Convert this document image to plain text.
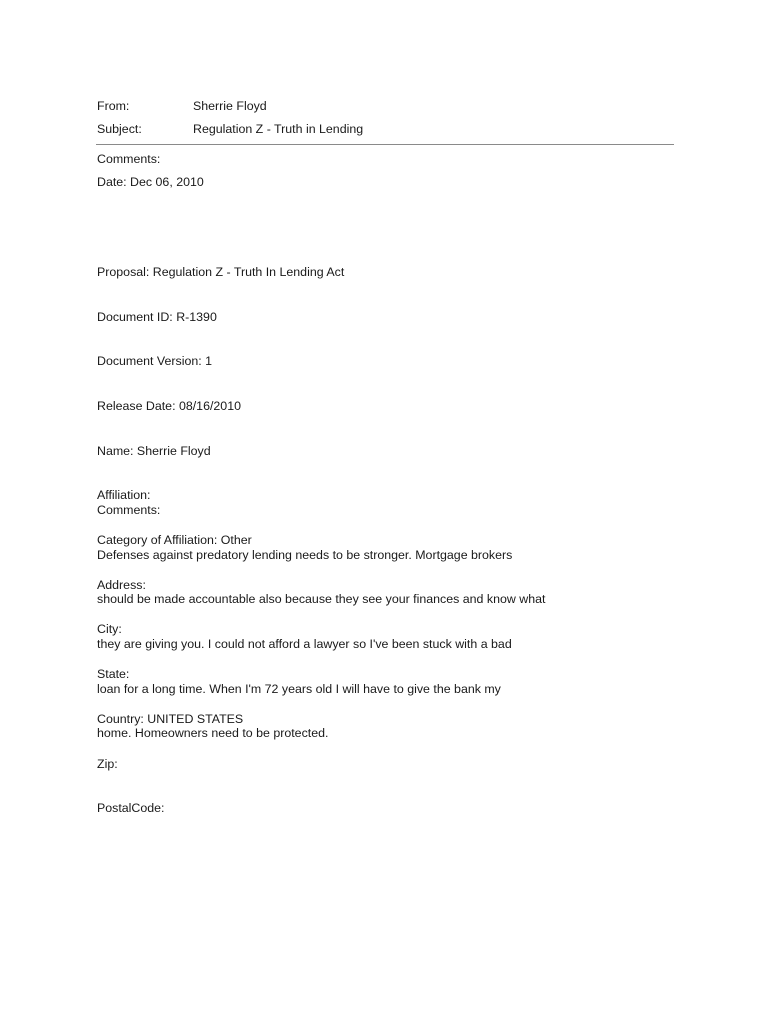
From:	Sherrie Floyd
Subject:	Regulation Z - Truth in Lending
Comments:
Date: Dec 06, 2010

Proposal: Regulation Z - Truth In Lending Act

Document ID: R-1390

Document Version: 1

Release Date: 08/16/2010

Name: Sherrie Floyd

Affiliation:

Category of Affiliation: Other

Address:

City:

State:

Country: UNITED STATES

Zip:

PostalCode:

Comments:

Defenses against predatory lending needs to be stronger. Mortgage brokers

should be made accountable also because they see your finances and know what

they are giving you. I could not afford a lawyer so I've been stuck with a bad

loan for a long time. When I'm 72 years old I will have to give the bank my

home. Homeowners need to be protected.
